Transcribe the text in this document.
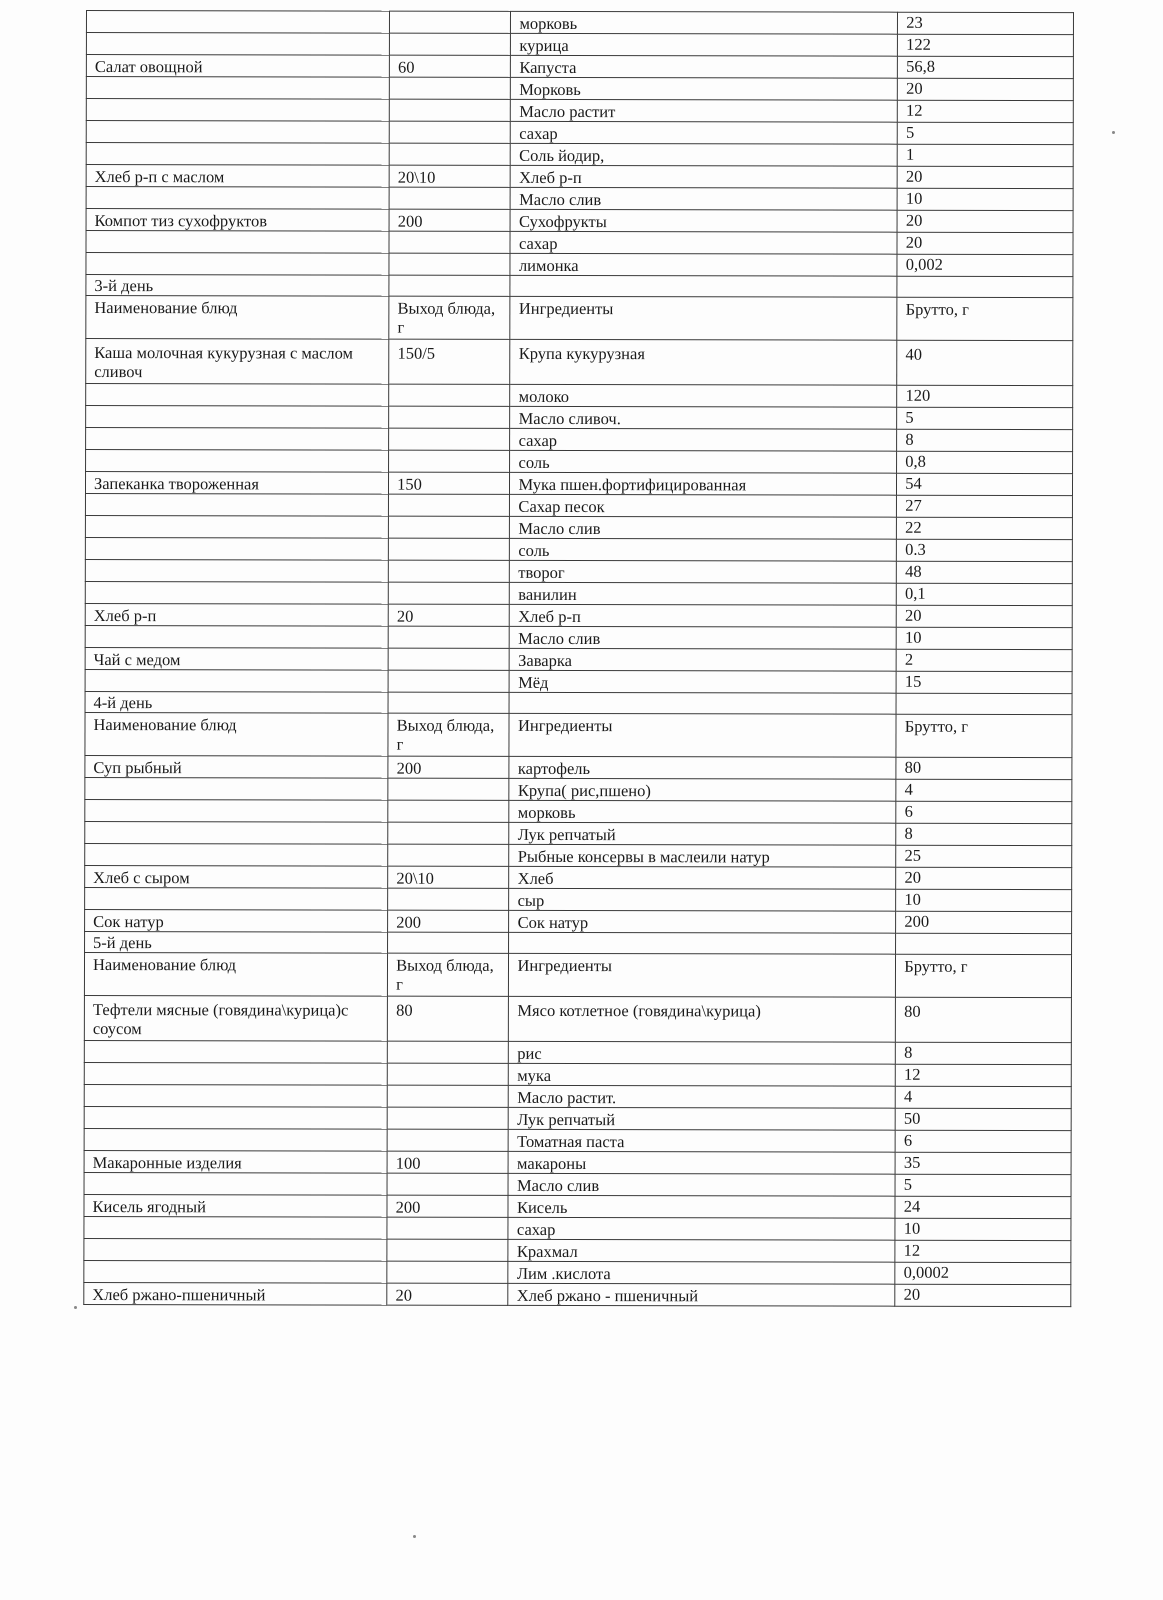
		морковь	23
		курица	122
Салат овощной	60	Капуста	56,8
		Морковь	20
		Масло растит	12
		сахар	5
		Соль йодир,	1
Хлеб р-п с маслом	20\10	Хлеб р-п	20
		Масло слив	10
Компот тиз сухофруктов	200	Сухофрукты	20
		сахар	20
		лимонка	0,002
3-й день			
Наименование блюд	Выход блюда, г	Ингредиенты	Брутто, г
Каша молочная кукурузная с маслом сливоч	150/5	Крупа кукурузная	40
		молоко	120
		Масло сливоч.	5
		сахар	8
		соль	0,8
Запеканка твороженная	150	Мука пшен.фортифицированная	54
		Сахар песок	27
		Масло слив	22
		соль	0.3
		творог	48
		ванилин	0,1
Хлеб р-п	20	Хлеб р-п	20
		Масло слив	10
Чай с медом		Заварка	2
		Мёд	15
4-й день			
Наименование блюд	Выход блюда, г	Ингредиенты	Брутто, г
Суп рыбный	200	картофель	80
		Крупа( рис,пшено)	4
		морковь	6
		Лук репчатый	8
		Рыбные консервы в маслеили натур	25
Хлеб с сыром	20\10	Хлеб	20
		сыр	10
Сок натур	200	Сок натур	200
5-й день			
Наименование блюд	Выход блюда, г	Ингредиенты	Брутто, г
Тефтели мясные (говядина\курица)с соусом	80	Мясо котлетное (говядина\курица)	80
		рис	8
		мука	12
		Масло растит.	4
		Лук репчатый	50
		Томатная паста	6
Макаронные изделия	100	макароны	35
		Масло слив	5
Кисель ягодный	200	Кисель	24
		сахар	10
		Крахмал	12
		Лим .кислота	0,0002
Хлеб ржано-пшеничный	20	Хлеб ржано - пшеничный	20
